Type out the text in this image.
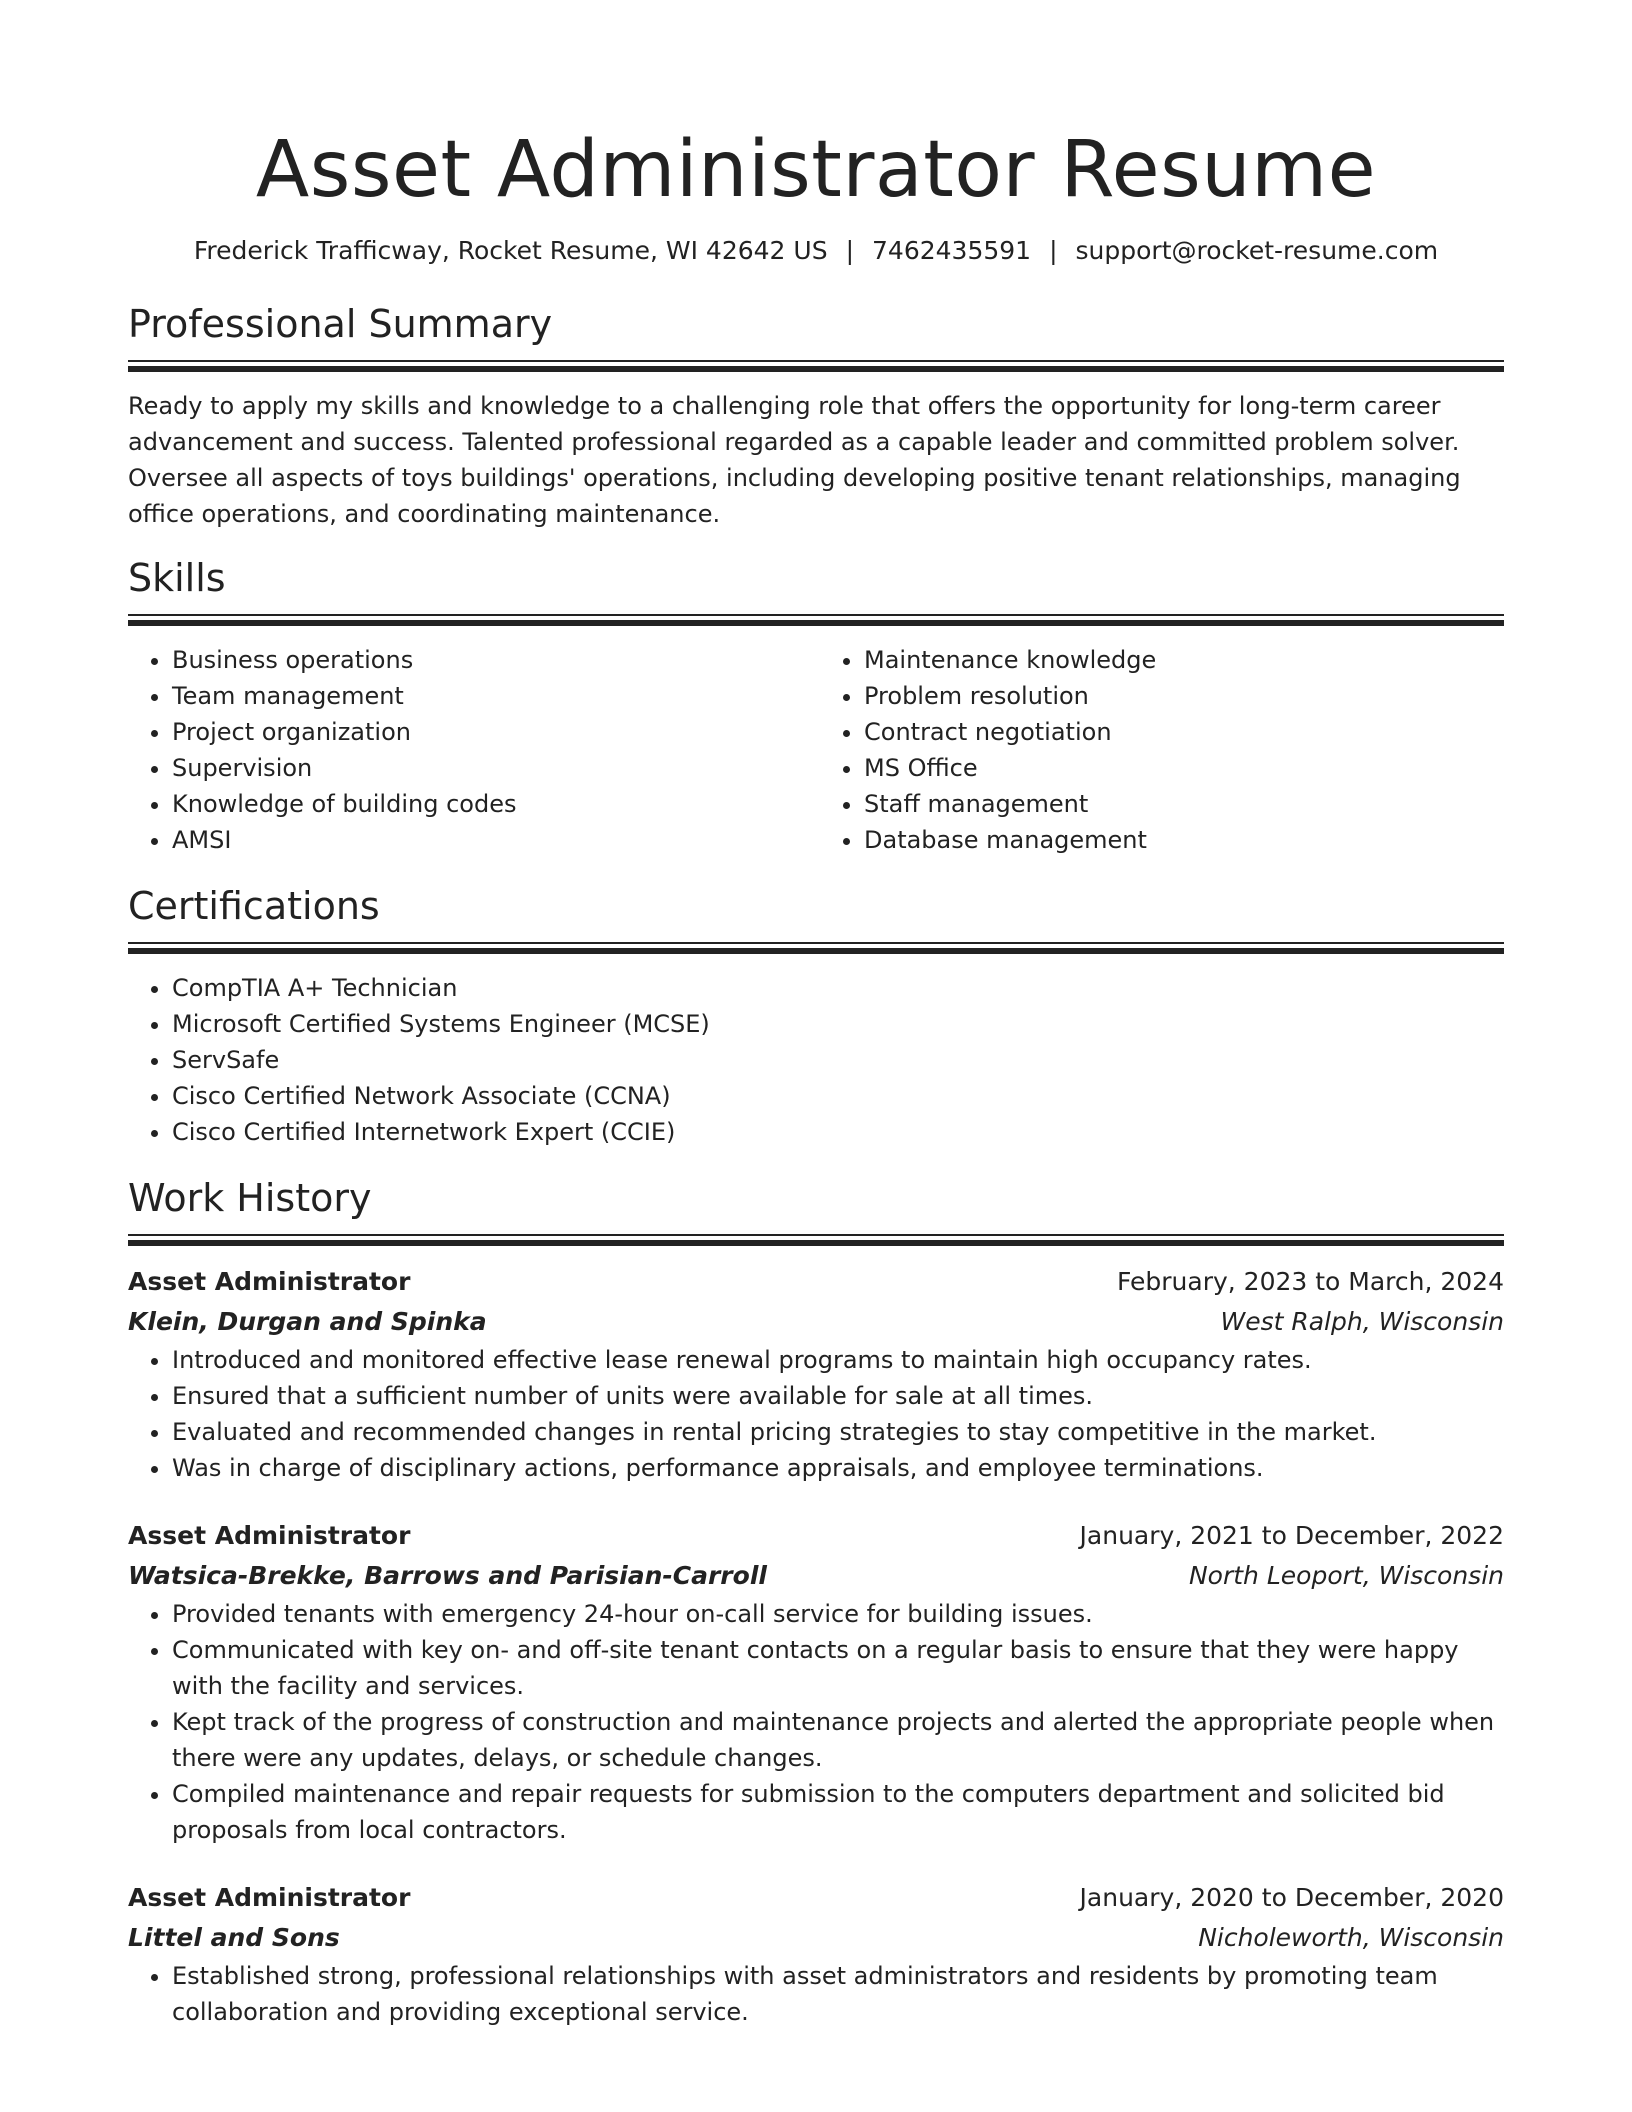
Asset Administrator Resume
Frederick Trafficway, Rocket Resume, WI 42642 US | 7462435591 | support@rocket-resume.com
Professional Summary

Ready to apply my skills and knowledge to a challenging role that offers the opportunity for long-term career advancement and success. Talented professional regarded as a capable leader and committed problem solver. Oversee all aspects of toys buildings' operations, including developing positive tenant relationships, managing office operations, and coordinating maintenance.

Skills
• Business operations
• Team management
• Project organization
• Supervision
• Knowledge of building codes
• AMSI
• Maintenance knowledge
• Problem resolution
• Contract negotiation
• MS Office
• Staff management
• Database management
Certifications
• CompTIA A+ Technician
• Microsoft Certified Systems Engineer (MCSE)
• ServSafe
• Cisco Certified Network Associate (CCNA)
• Cisco Certified Internetwork Expert (CCIE)
Work History
Asset Administrator	February, 2023 to March, 2024
Klein, Durgan and Spinka	West Ralph, Wisconsin
• Introduced and monitored effective lease renewal programs to maintain high occupancy rates.
• Ensured that a sufficient number of units were available for sale at all times.
• Evaluated and recommended changes in rental pricing strategies to stay competitive in the market.
• Was in charge of disciplinary actions, performance appraisals, and employee terminations.
Asset Administrator	January, 2021 to December, 2022
Watsica-Brekke, Barrows and Parisian-Carroll	North Leoport, Wisconsin
• Provided tenants with emergency 24-hour on-call service for building issues.
• Communicated with key on- and off-site tenant contacts on a regular basis to ensure that they were happy with the facility and services.
• Kept track of the progress of construction and maintenance projects and alerted the appropriate people when there were any updates, delays, or schedule changes.
• Compiled maintenance and repair requests for submission to the computers department and solicited bid proposals from local contractors.
Asset Administrator	January, 2020 to December, 2020
Littel and Sons	Nicholeworth, Wisconsin
• Established strong, professional relationships with asset administrators and residents by promoting team collaboration and providing exceptional service.
